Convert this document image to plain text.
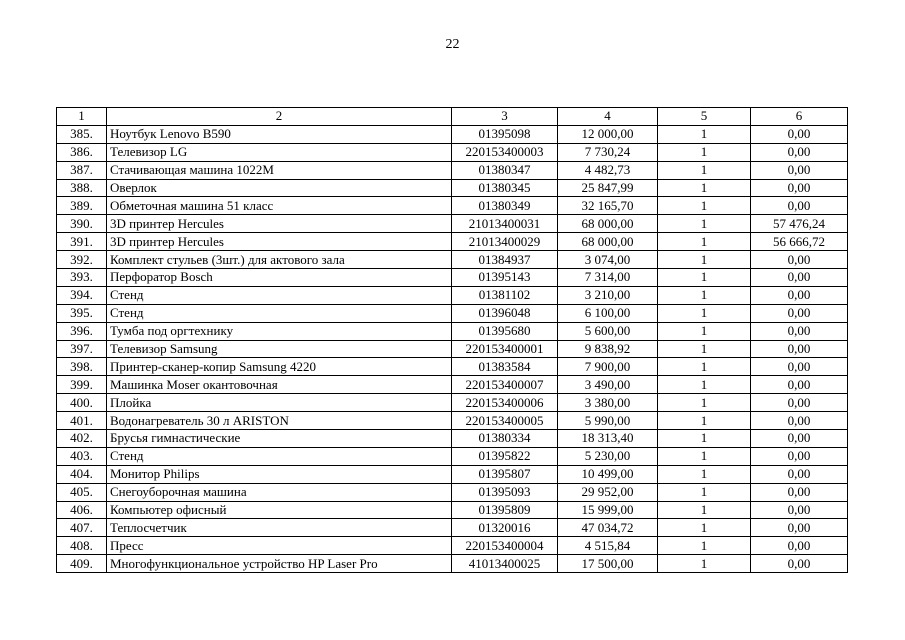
22
1	2	3	4	5	6
385.	Ноутбук Lenovo B590	01395098	12 000,00	1	0,00
386.	Телевизор LG	220153400003	7 730,24	1	0,00
387.	Стачивающая машина 1022М	01380347	4 482,73	1	0,00
388.	Оверлок	01380345	25 847,99	1	0,00
389.	Обметочная машина 51 класс	01380349	32 165,70	1	0,00
390.	3D принтер Hercules	21013400031	68 000,00	1	57 476,24
391.	3D принтер Hercules	21013400029	68 000,00	1	56 666,72
392.	Комплект стульев (3шт.) для актового зала	01384937	3 074,00	1	0,00
393.	Перфоратор Bosch	01395143	7 314,00	1	0,00
394.	Стенд	01381102	3 210,00	1	0,00
395.	Стенд	01396048	6 100,00	1	0,00
396.	Тумба под оргтехнику	01395680	5 600,00	1	0,00
397.	Телевизор Samsung	220153400001	9 838,92	1	0,00
398.	Принтер-сканер-копир Samsung 4220	01383584	7 900,00	1	0,00
399.	Машинка Moser окантовочная	220153400007	3 490,00	1	0,00
400.	Плойка	220153400006	3 380,00	1	0,00
401.	Водонагреватель 30 л ARISTON	220153400005	5 990,00	1	0,00
402.	Брусья гимнастические	01380334	18 313,40	1	0,00
403.	Стенд	01395822	5 230,00	1	0,00
404.	Монитор Philips	01395807	10 499,00	1	0,00
405.	Снегоуборочная машина	01395093	29 952,00	1	0,00
406.	Компьютер офисный	01395809	15 999,00	1	0,00
407.	Теплосчетчик	01320016	47 034,72	1	0,00
408.	Пресс	220153400004	4 515,84	1	0,00
409.	Многофункциональное устройство HP Laser Pro	41013400025	17 500,00	1	0,00
